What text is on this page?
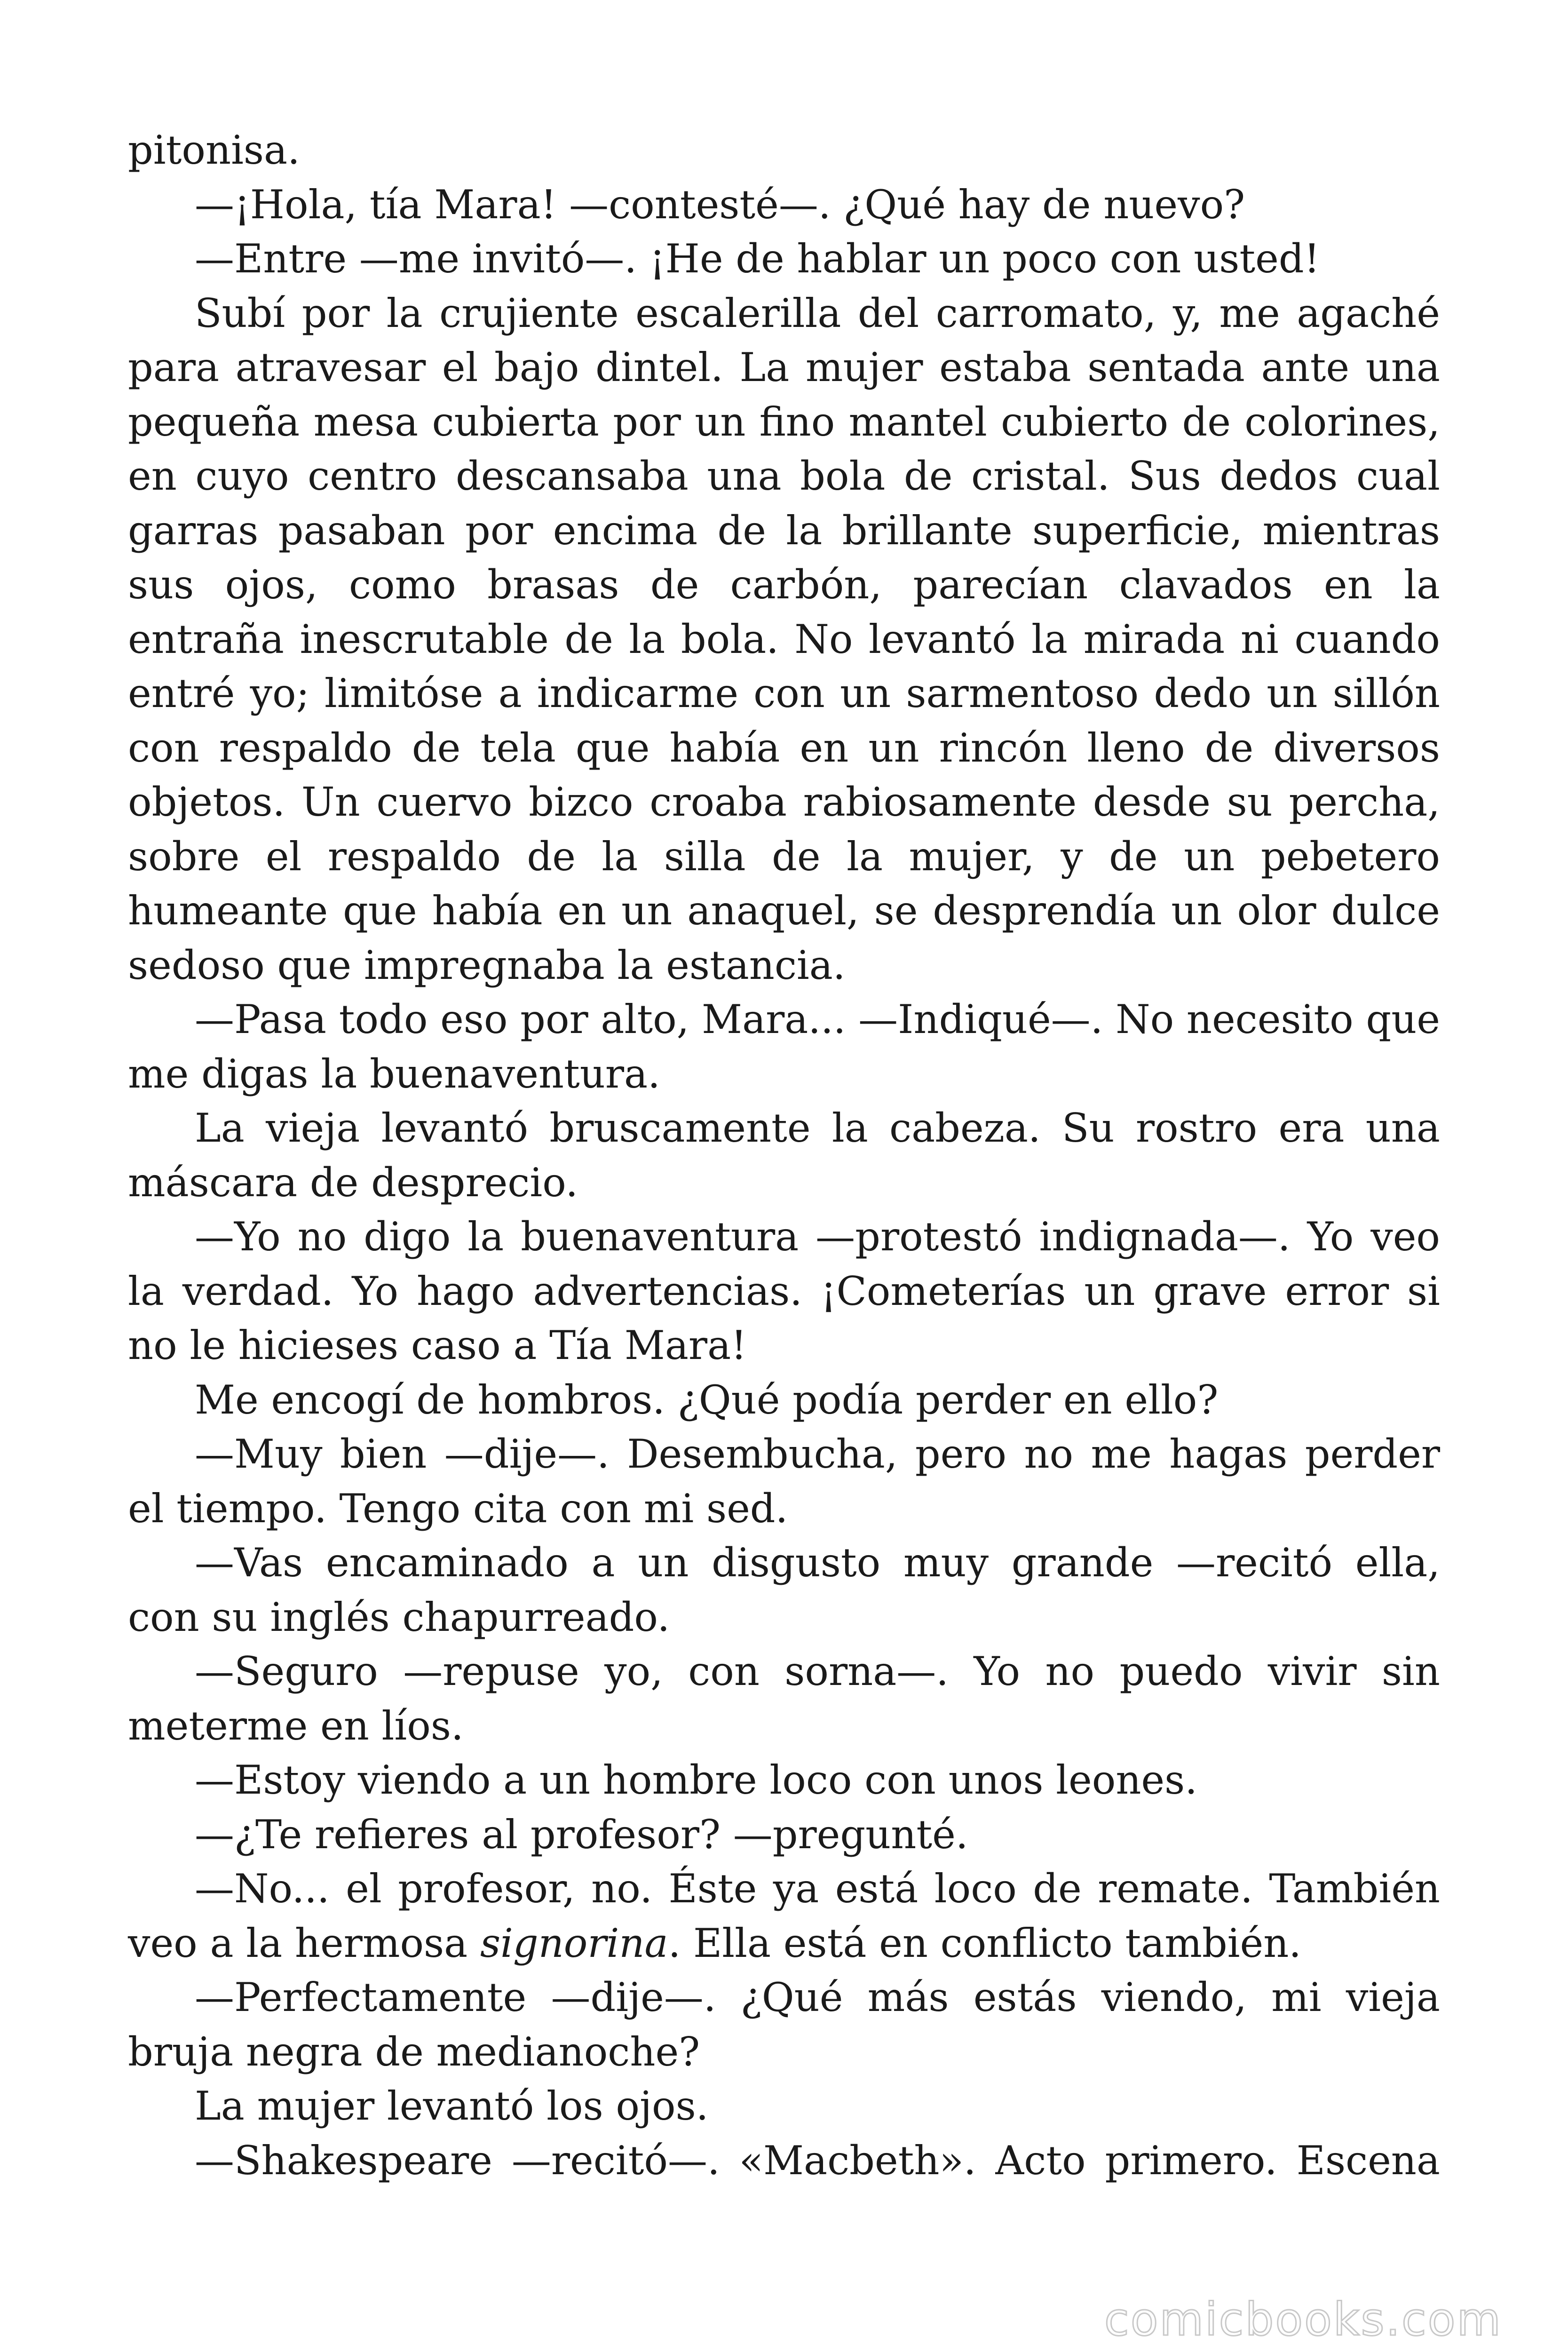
pitonisa.

—¡Hola, tía Mara! —contesté—. ¿Qué hay de nuevo?

—Entre —me invitó—. ¡He de hablar un poco con usted!

Subí por la crujiente escalerilla del carromato, y, me agaché para atravesar el bajo dintel. La mujer estaba sentada ante una pequeña mesa cubierta por un fino mantel cubierto de colorines, en cuyo centro descansaba una bola de cristal. Sus dedos cual garras pasaban por encima de la brillante superficie, mientras sus ojos, como brasas de carbón, parecían clavados en la entraña inescrutable de la bola. No levantó la mirada ni cuando entré yo; limitóse a indicarme con un sarmentoso dedo un sillón con respaldo de tela que había en un rincón lleno de diversos objetos. Un cuervo bizco croaba rabiosamente desde su percha, sobre el respaldo de la silla de la mujer, y de un pebetero humeante que había en un anaquel, se desprendía un olor dulce sedoso que impregnaba la estancia.

—Pasa todo eso por alto, Mara... —Indiqué—. No necesito que me digas la buenaventura.

La vieja levantó bruscamente la cabeza. Su rostro era una máscara de desprecio.

—Yo no digo la buenaventura —protestó indignada—. Yo veo la verdad. Yo hago advertencias. ¡Cometerías un grave error si no le hicieses caso a Tía Mara!

Me encogí de hombros. ¿Qué podía perder en ello?

—Muy bien —dije—. Desembucha, pero no me hagas perder el tiempo. Tengo cita con mi sed.

—Vas encaminado a un disgusto muy grande —recitó ella, con su inglés chapurreado.

—Seguro —repuse yo, con sorna—. Yo no puedo vivir sin meterme en líos.

—Estoy viendo a un hombre loco con unos leones.

—¿Te refieres al profesor? —pregunté.

—No... el profesor, no. Éste ya está loco de remate. También veo a la hermosa signorina. Ella está en conflicto también.

—Perfectamente —dije—. ¿Qué más estás viendo, mi vieja bruja negra de medianoche?

La mujer levantó los ojos.

—Shakespeare —recitó—. «Macbeth». Acto primero. Escena

comicbooks.com
